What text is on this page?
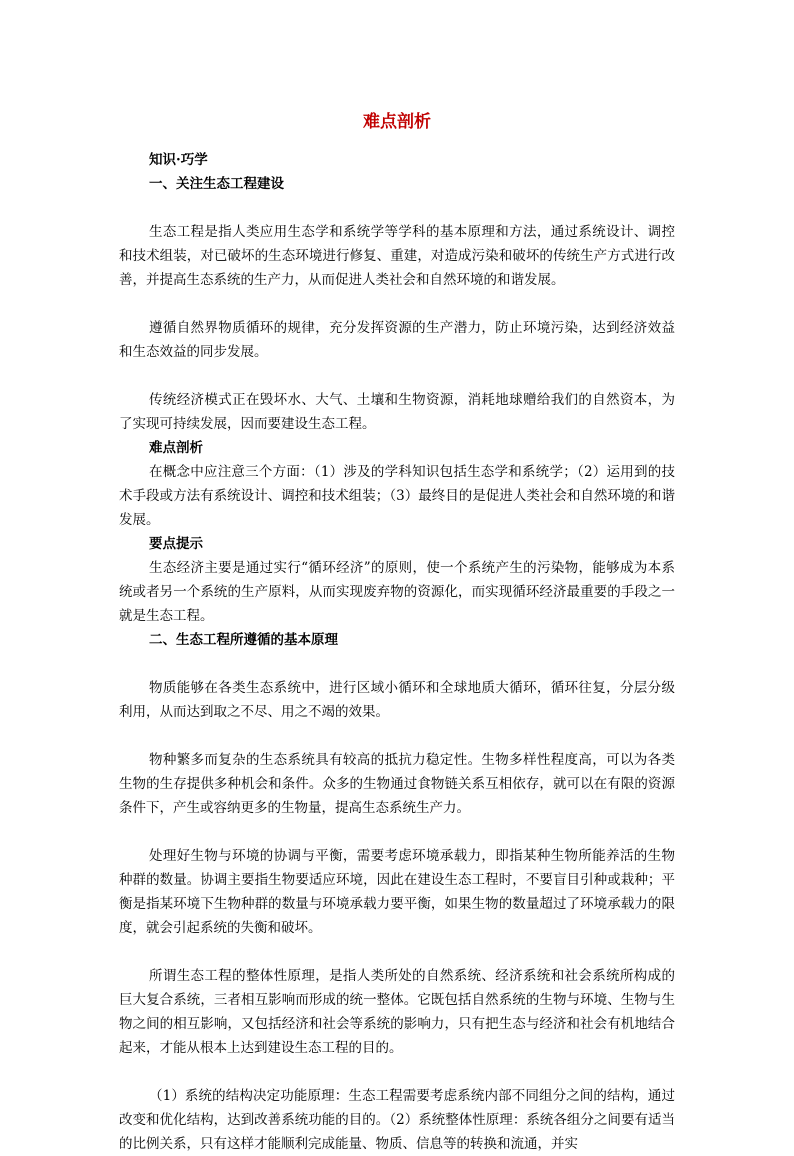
难点剖析
知识·巧学
一、关注生态工程建设

生态工程是指人类应用生态学和系统学等学科的基本原理和方法，通过系统设计、调控和技术组装，对已破坏的生态环境进行修复、重建，对造成污染和破坏的传统生产方式进行改善，并提高生态系统的生产力，从而促进人类社会和自然环境的和谐发展。

遵循自然界物质循环的规律，充分发挥资源的生产潜力，防止环境污染，达到经济效益和生态效益的同步发展。

传统经济模式正在毁坏水、大气、土壤和生物资源，消耗地球赠给我们的自然资本，为了实现可持续发展，因而要建设生态工程。

难点剖析

在概念中应注意三个方面：（1）涉及的学科知识包括生态学和系统学；（2）运用到的技术手段或方法有系统设计、调控和技术组装；（3）最终目的是促进人类社会和自然环境的和谐发展。

要点提示

生态经济主要是通过实行“循环经济”的原则，使一个系统产生的污染物，能够成为本系统或者另一个系统的生产原料，从而实现废弃物的资源化，而实现循环经济最重要的手段之一就是生态工程。

二、生态工程所遵循的基本原理

物质能够在各类生态系统中，进行区域小循环和全球地质大循环，循环往复，分层分级利用，从而达到取之不尽、用之不竭的效果。

物种繁多而复杂的生态系统具有较高的抵抗力稳定性。生物多样性程度高，可以为各类生物的生存提供多种机会和条件。众多的生物通过食物链关系互相依存，就可以在有限的资源条件下，产生或容纳更多的生物量，提高生态系统生产力。

处理好生物与环境的协调与平衡，需要考虑环境承载力，即指某种生物所能养活的生物种群的数量。协调主要指生物要适应环境，因此在建设生态工程时，不要盲目引种或栽种；平衡是指某环境下生物种群的数量与环境承载力要平衡，如果生物的数量超过了环境承载力的限度，就会引起系统的失衡和破坏。

所谓生态工程的整体性原理，是指人类所处的自然系统、经济系统和社会系统所构成的巨大复合系统，三者相互影响而形成的统一整体。它既包括自然系统的生物与环境、生物与生物之间的相互影响，又包括经济和社会等系统的影响力，只有把生态与经济和社会有机地结合起来，才能从根本上达到建设生态工程的目的。

（1）系统的结构决定功能原理：生态工程需要考虑系统内部不同组分之间的结构，通过改变和优化结构，达到改善系统功能的目的。（2）系统整体性原理：系统各组分之间要有适当的比例关系，只有这样才能顺利完成能量、物质、信息等的转换和流通，并实
